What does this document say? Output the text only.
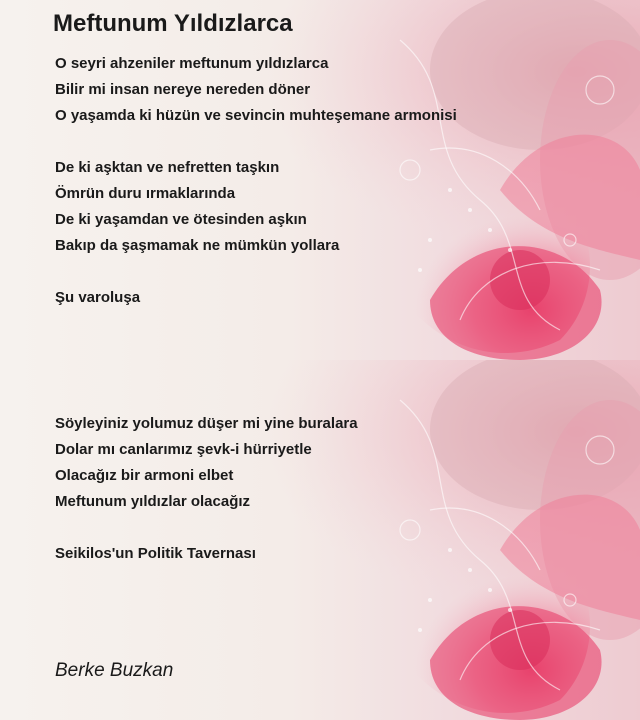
Meftunum Yıldızlarca
O seyri ahzeniler meftunum yıldızlarca
Bilir mi insan nereye nereden döner
O yaşamda ki hüzün ve sevincin muhteşemane armonisi
De ki aşktan ve nefretten taşkın
Ömrün duru ırmaklarında
De ki yaşamdan ve ötesinden aşkın
Bakıp da şaşmamak ne mümkün yollara
Şu varoluşa
Söyleyiniz yolumuz düşer mi yine buralara
Dolar mı canlarımız şevk-i hürriyetle
Olacağız bir armoni elbet
Meftunum yıldızlar olacağız
Seikilos'un Politik Tavernası
Berke Buzkan
